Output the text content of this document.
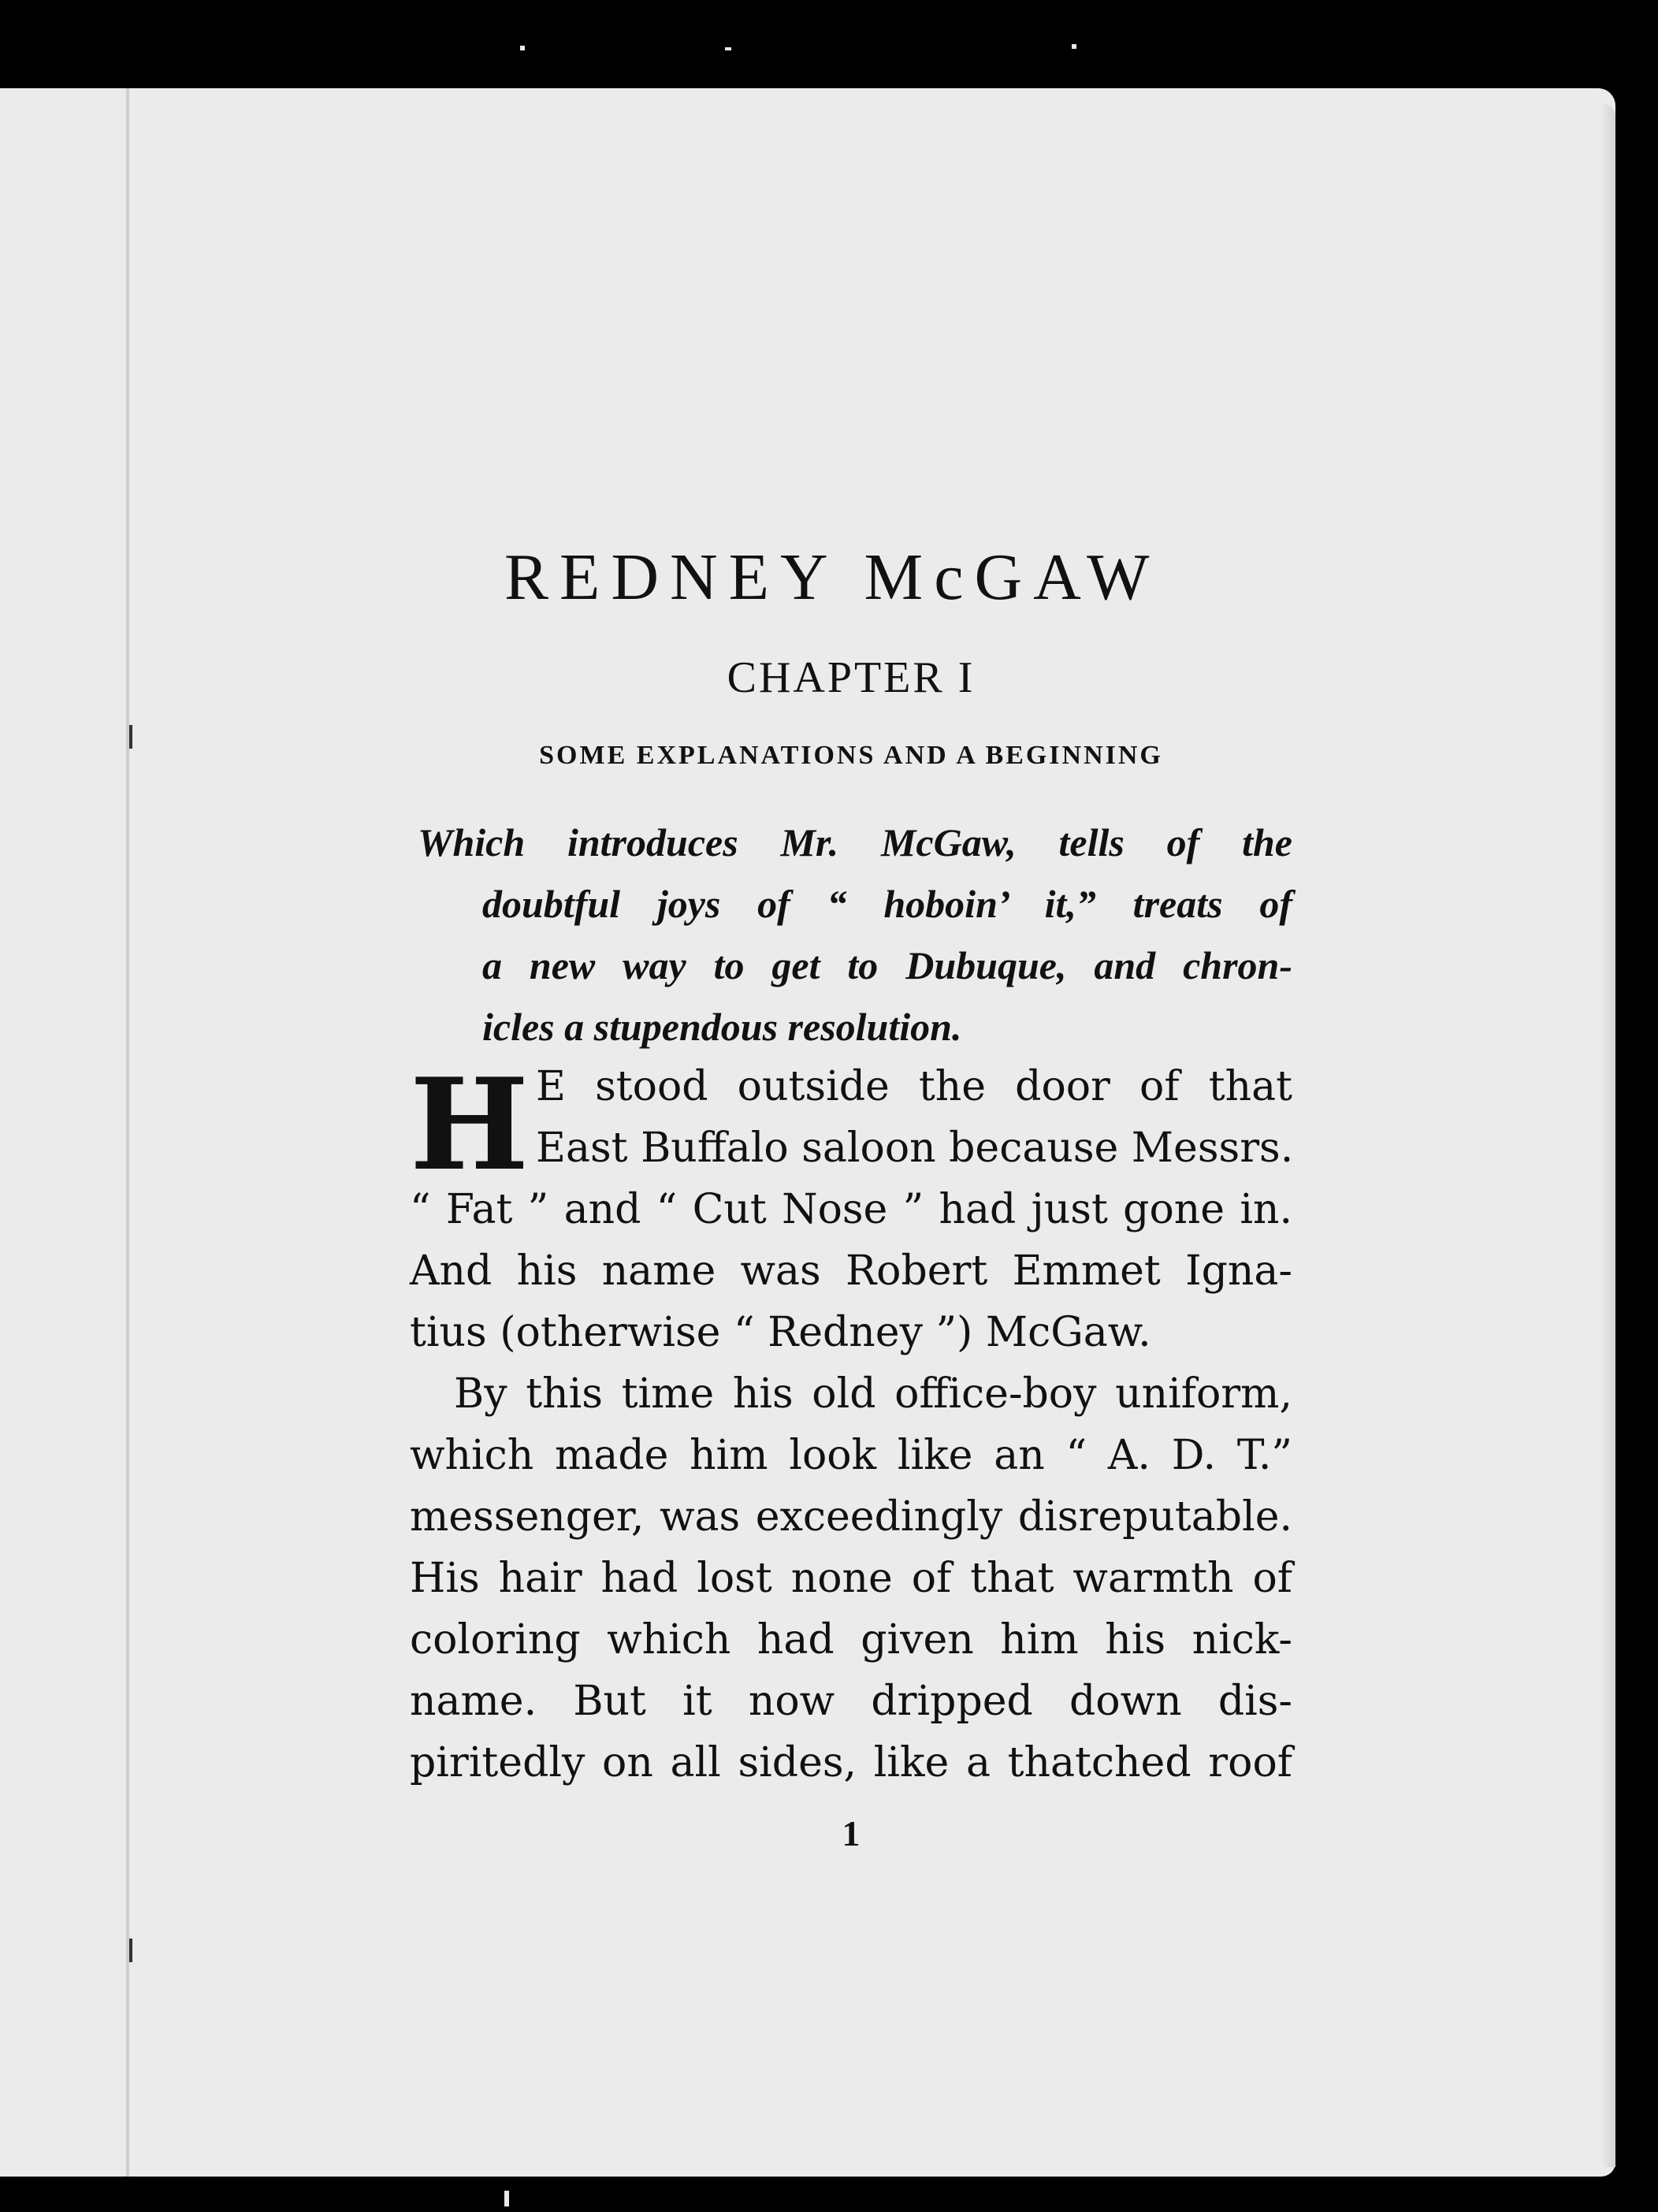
REDNEY McGAW
CHAPTER I
SOME EXPLANATIONS AND A BEGINNING
Which introduces Mr. McGaw, tells of the
doubtful joys of “ hoboin’ it,” treats of
a new way to get to Dubuque, and chron-
icles a stupendous resolution.
H E stood outside the door of that
East Buffalo saloon because Messrs.
“ Fat ” and “ Cut Nose ” had just gone in.
And his name was Robert Emmet Igna-
tius (otherwise “ Redney ”) McGaw.
By this time his old office-boy uniform,
which made him look like an “ A. D. T.”
messenger, was exceedingly disreputable.
His hair had lost none of that warmth of
coloring which had given him his nick-
name. But it now dripped down dis-
piritedly on all sides, like a thatched roof
1
